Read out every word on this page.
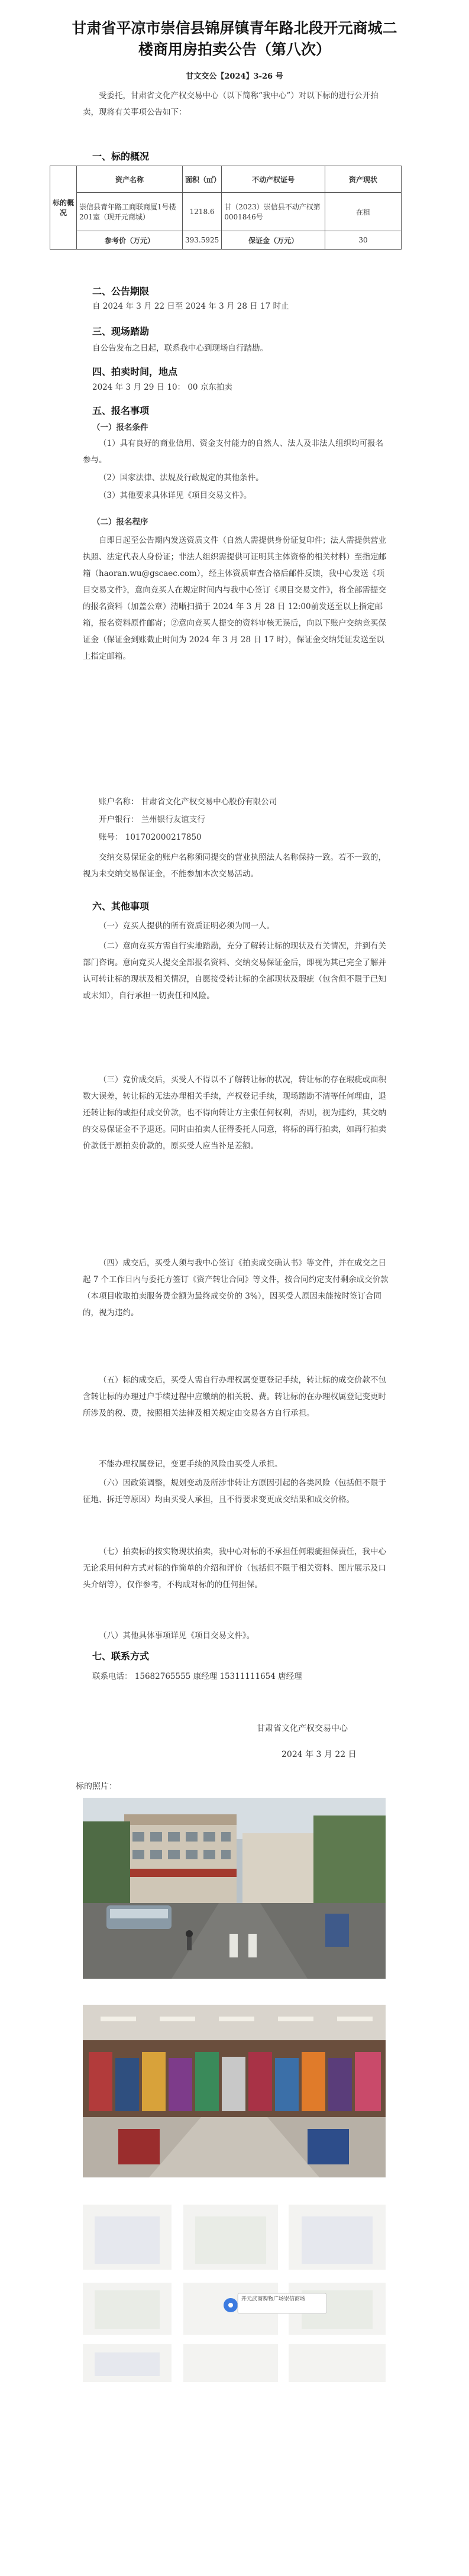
甘肃省平凉市崇信县锦屏镇青年路北段开元商城二楼商用房拍卖公告（第八次）
甘文交公【2024】3-26 号
受委托，甘肃省文化产权交易中心（以下简称“我中心”）对以下标的进行公开拍卖，现将有关事项公告如下：
一、标的概况
标的概况	资产名称	面积（㎡）	不动产权证号	资产现状
	崇信县青年路工商联商厦1号楼201室（现开元商城）	1218.6	甘（2023）崇信县不动产权第0001846号	在租
	参考价（万元）	393.5925	保证金（万元）	30
二、公告期限
自 2024 年 3 月 22 日至 2024 年 3 月 28 日 17 时止
三、现场踏勘
自公告发布之日起，联系我中心到现场自行踏勘。
四、拍卖时间，地点
2024 年 3 月 29 日 10： 00 京东拍卖
五、报名事项
（一）报名条件
（1）具有良好的商业信用、资金支付能力的自然人、法人及非法人组织均可报名参与。
（2）国家法律、法规及行政规定的其他条件。
（3）其他要求具体详见《项目交易文件》。
（二）报名程序
自即日起至公告期内发送资质文件（自然人需提供身份证复印件；法人需提供营业执照、法定代表人身份证；非法人组织需提供可证明其主体资格的相关材料）至指定邮箱（haoran.wu@gscaec.com），经主体资质审查合格后邮件反馈，我中心发送《项目交易文件》，意向竞买人在规定时间内与我中心签订《项目交易文件》，将全部需提交的报名资料（加盖公章）清晰扫描于 2024 年 3 月 28 日 12:00前发送至以上指定邮箱，报名资料原件邮寄；②意向竞买人提交的资料审核无误后，向以下账户交纳竞买保证金（保证金到账截止时间为 2024 年 3 月 28 日 17 时），保证金交纳凭证发送至以上指定邮箱。
账户名称： 甘肃省文化产权交易中心股份有限公司
开户银行： 兰州银行友谊支行
账号： 101702000217850
交纳交易保证金的账户名称须同提交的营业执照法人名称保持一致。若不一致的，视为未交纳交易保证金，不能参加本次交易活动。
六、其他事项
（一）竞买人提供的所有资质证明必须为同一人。
（二）意向竞买方需自行实地踏勘，充分了解转让标的现状及有关情况，并到有关部门咨询。意向竞买人提交全部报名资料、交纳交易保证金后，即视为其已完全了解并认可转让标的现状及相关情况，自愿接受转让标的全部现状及瑕疵（包含但不限于已知或未知），自行承担一切责任和风险。
（三）竞价成交后，买受人不得以不了解转让标的状况，转让标的存在瑕疵或面积数大误差，转让标的无法办理相关手续，产权登记手续，现场踏勘不清等任何理由，退还转让标的或拒付成交价款，也不得向转让方主张任何权利，否则，视为违约，其交纳的交易保证金不予退还。同时由拍卖人征得委托人同意，将标的再行拍卖，如再行拍卖价款低于原拍卖价款的，原买受人应当补足差额。
（四）成交后，买受人须与我中心签订《拍卖成交确认书》等文件，并在成交之日起 7 个工作日内与委托方签订《资产转让合同》等文件，按合同约定支付剩余成交价款（本项目收取拍卖服务费金额为最终成交价的 3%），因买受人原因未能按时签订合同的，视为违约。
（五）标的成交后，买受人需自行办理权属变更登记手续，转让标的成交价款不包含转让标的办理过户手续过程中应缴纳的相关税、费。转让标的在办理权属登记变更时所涉及的税、费，按照相关法律及相关规定由交易各方自行承担。
不能办理权属登记，变更手续的风险由买受人承担。
（六）因政策调整，规划变动及所涉非转让方原因引起的各类风险（包括但不限于征地、拆迁等原因）均由买受人承担，且不得要求变更成交结果和成交价格。
（七）拍卖标的按实物现状拍卖，我中心对标的不承担任何瑕疵担保责任，我中心无论采用何种方式对标的作简单的介绍和评价（包括但不限于相关资料、图片展示及口头介绍等），仅作参考，不构成对标的的任何担保。
（八）其他具体事项详见《项目交易文件》。
七、联系方式
联系电话： 15682765555 康经理 15311111654 唐经理
甘肃省文化产权交易中心
2024 年 3 月 22 日
标的照片：
开元武商购物广场崇信商场
